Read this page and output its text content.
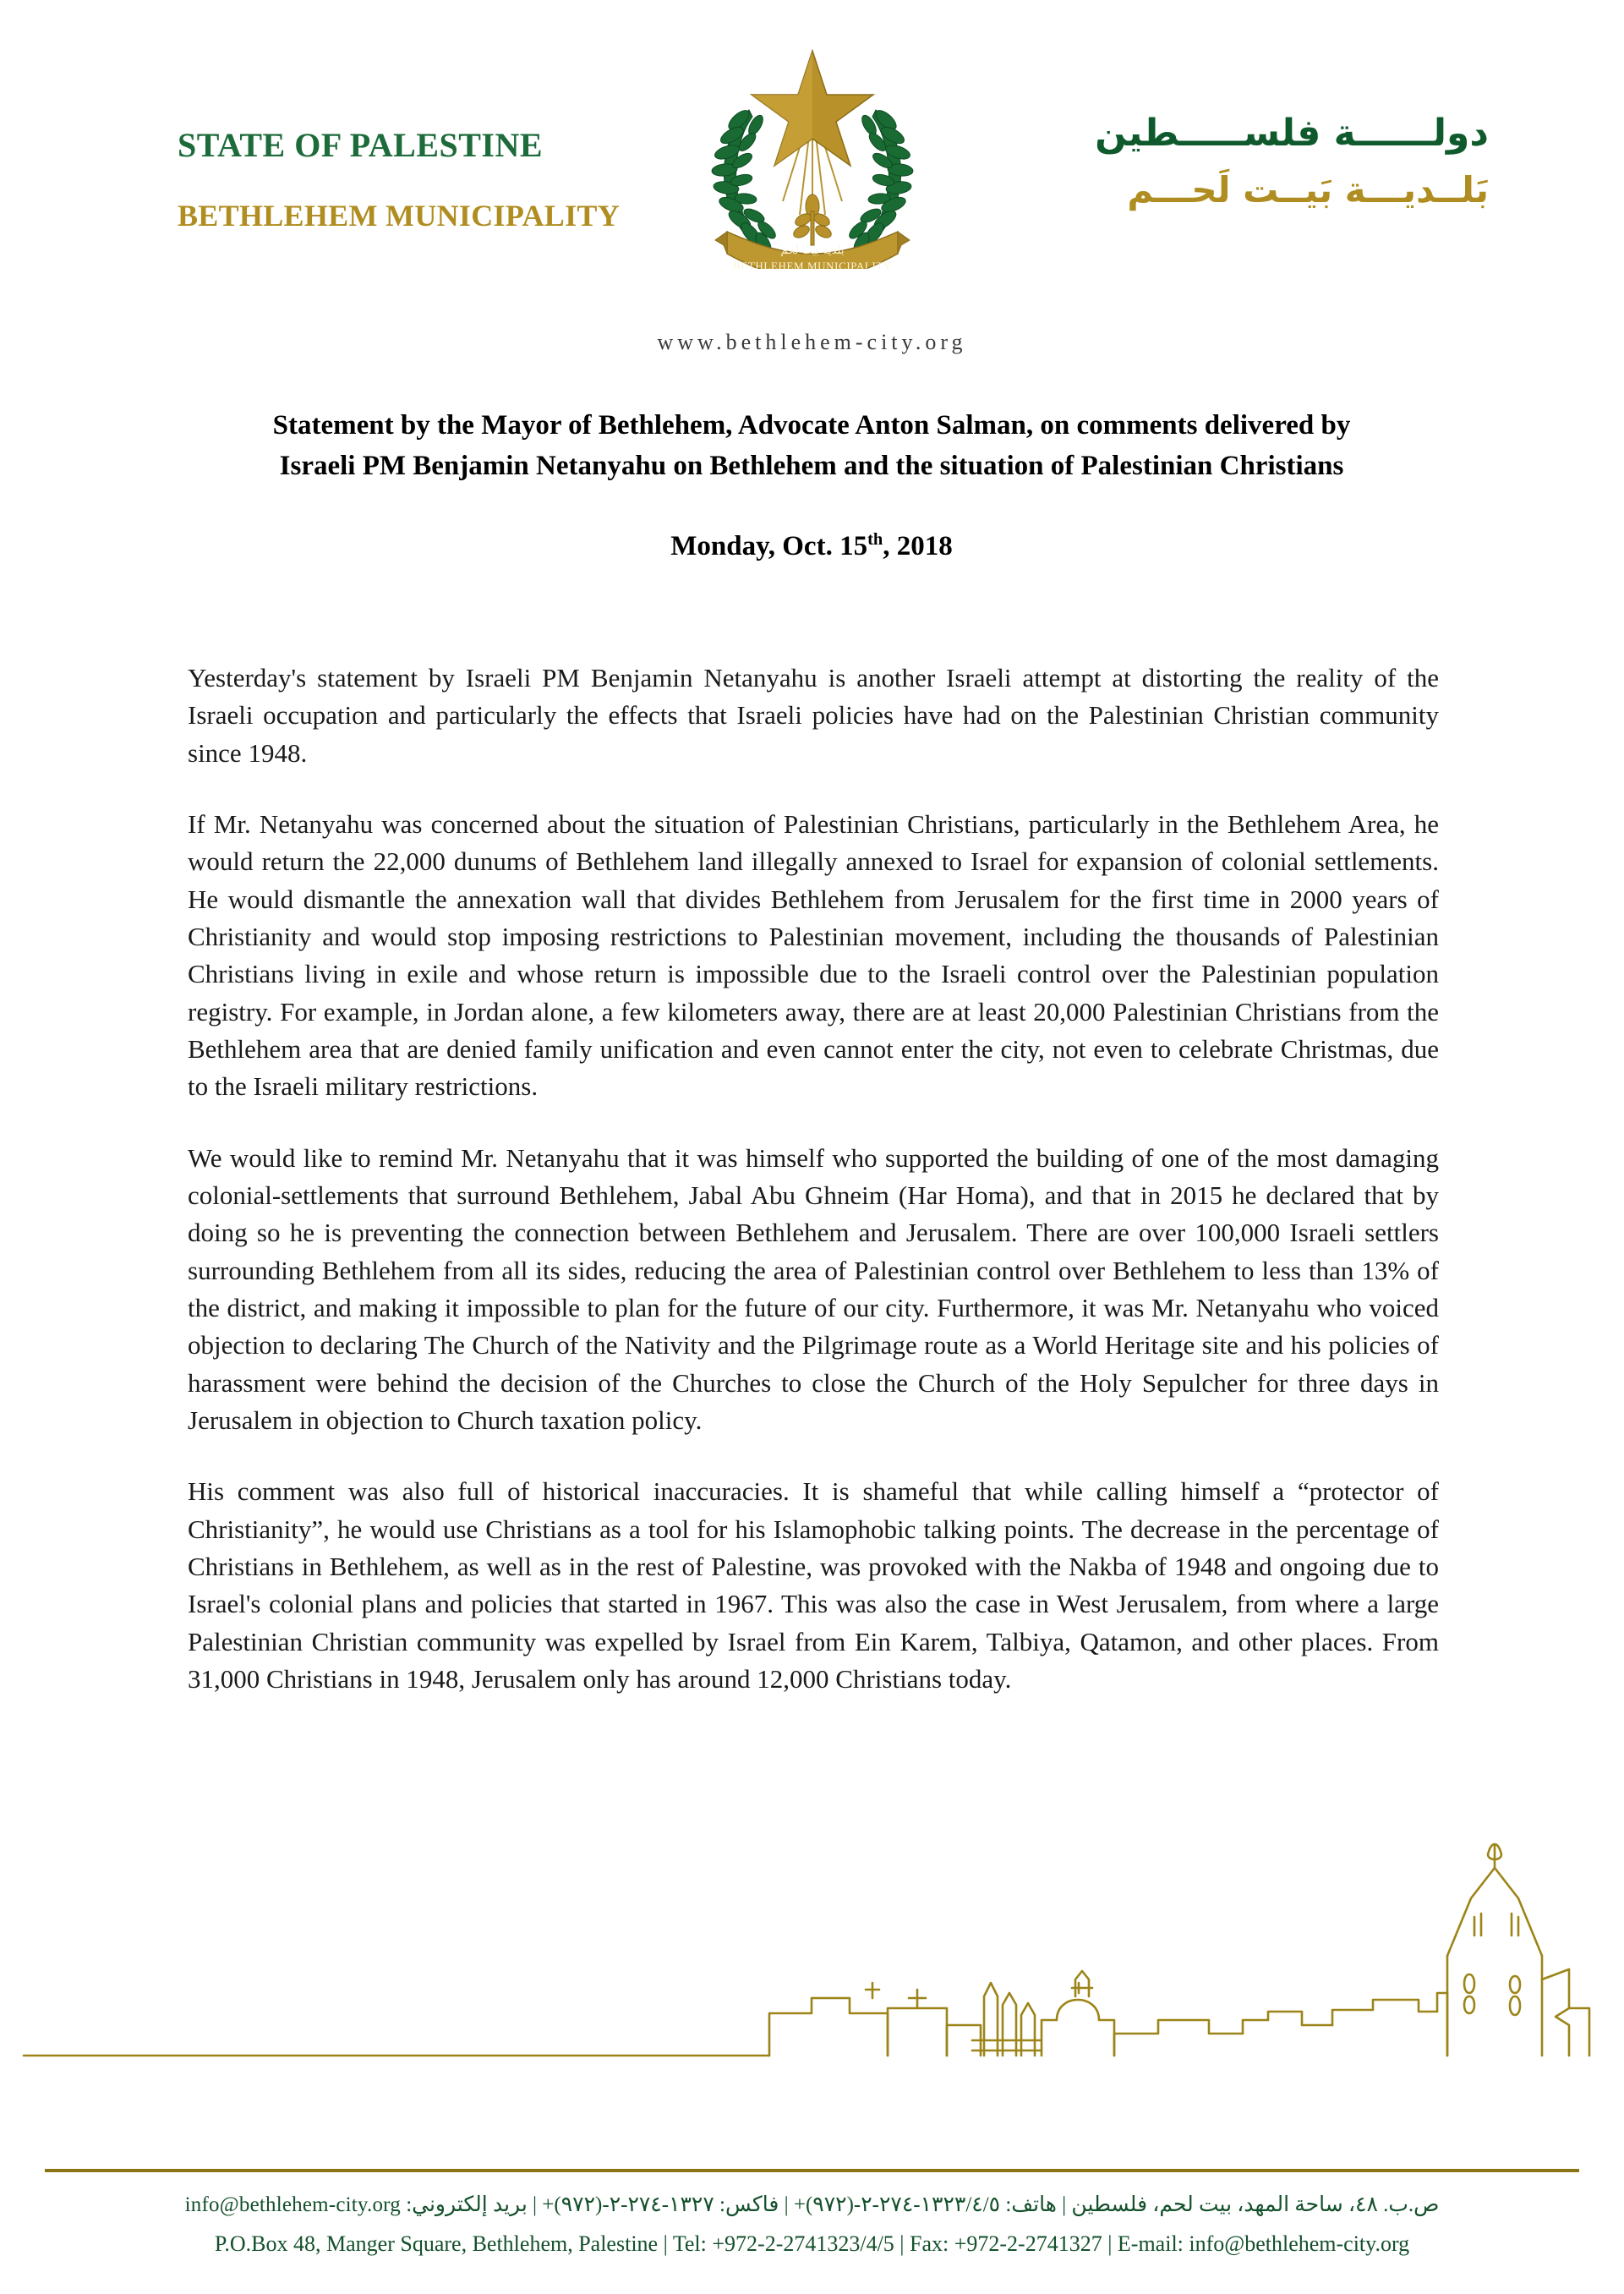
STATE OF PALESTINE
BETHLEHEM MUNICIPALITY
بلدية بيت لحم
BETHLEHEM MUNICIPALITY
دولــــــة فلســـــطين
بَلــديـــة بَيــت لَحـــم
www.bethlehem-city.org
Statement by the Mayor of Bethlehem, Advocate Anton Salman, on comments delivered by Israeli PM Benjamin Netanyahu on Bethlehem and the situation of Palestinian Christians
Monday, Oct. 15th, 2018

Yesterday's statement by Israeli PM Benjamin Netanyahu is another Israeli attempt at distorting the reality of the Israeli occupation and particularly the effects that Israeli policies have had on the Palestinian Christian community since 1948.

If Mr. Netanyahu was concerned about the situation of Palestinian Christians, particularly in the Bethlehem Area, he would return the 22,000 dunums of Bethlehem land illegally annexed to Israel for expansion of colonial settlements. He would dismantle the annexation wall that divides Bethlehem from Jerusalem for the first time in 2000 years of Christianity and would stop imposing restrictions to Palestinian movement, including the thousands of Palestinian Christians living in exile and whose return is impossible due to the Israeli control over the Palestinian population registry. For example, in Jordan alone, a few kilometers away, there are at least 20,000 Palestinian Christians from the Bethlehem area that are denied family unification and even cannot enter the city, not even to celebrate Christmas, due to the Israeli military restrictions.

We would like to remind Mr. Netanyahu that it was himself who supported the building of one of the most damaging colonial-settlements that surround Bethlehem, Jabal Abu Ghneim (Har Homa), and that in 2015 he declared that by doing so he is preventing the connection between Bethlehem and Jerusalem. There are over 100,000 Israeli settlers surrounding Bethlehem from all its sides, reducing the area of Palestinian control over Bethlehem to less than 13% of the district, and making it impossible to plan for the future of our city. Furthermore, it was Mr. Netanyahu who voiced objection to declaring The Church of the Nativity and the Pilgrimage route as a World Heritage site and his policies of harassment were behind the decision of the Churches to close the Church of the Holy Sepulcher for three days in Jerusalem in objection to Church taxation policy.

His comment was also full of historical inaccuracies. It is shameful that while calling himself a “protector of Christianity”, he would use Christians as a tool for his Islamophobic talking points. The decrease in the percentage of Christians in Bethlehem, as well as in the rest of Palestine, was provoked with the Nakba of 1948 and ongoing due to Israel's colonial plans and policies that started in 1967. This was also the case in West Jerusalem, from where a large Palestinian Christian community was expelled by Israel from Ein Karem, Talbiya, Qatamon, and other places. From 31,000 Christians in 1948, Jerusalem only has around 12,000 Christians today.

ص.ب. ٤٨، ساحة المهد، بيت لحم، فلسطين | هاتف: ١٣٢٣/٤/٥-٢٧٤-٢-(٩٧٢)+ | فاكس: ١٣٢٧-٢٧٤-٢-(٩٧٢)+ | بريد إلكتروني: info@bethlehem-city.org
P.O.Box 48, Manger Square, Bethlehem, Palestine | Tel: +972-2-2741323/4/5 | Fax: +972-2-2741327 | E-mail: info@bethlehem-city.org
